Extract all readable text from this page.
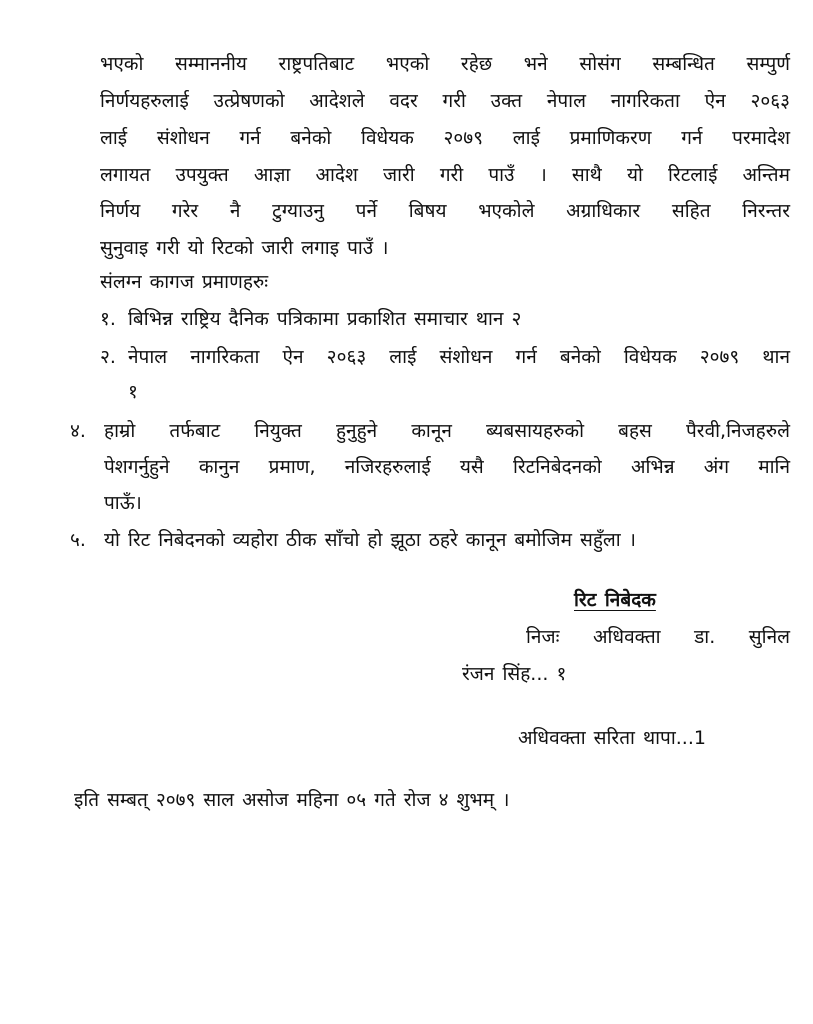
भएको सम्माननीय राष्ट्रपतिबाट भएको रहेछ भने सोसंग सम्बन्धित सम्पुर्ण
निर्णयहरुलाई उत्प्रेषणको आदेशले वदर गरी उक्त नेपाल नागरिकता ऐन २०६३
लाई संशोधन गर्न बनेको विधेयक २०७९ लाई प्रमाणिकरण गर्न परमादेश
लगायत उपयुक्त आज्ञा आदेश जारी गरी पाउँ । साथै यो रिटलाई अन्तिम
निर्णय गरेर नै टुग्याउनु पर्ने बिषय भएकोले अग्राधिकार सहित निरन्तर
सुनुवाइ गरी यो रिटको जारी लगाइ पाउँ ।
संलग्न कागज प्रमाणहरुः
१. बिभिन्न राष्ट्रिय दैनिक पत्रिकामा प्रकाशित समाचार थान २
२. नेपाल नागरिकता ऐन २०६३ लाई संशोधन गर्न बनेको विधेयक २०७९ थान
१
४. हाम्रो तर्फबाट नियुक्त हुनुहुने कानून ब्यबसायहरुको बहस पैरवी,निजहरुले
पेशगर्नुहुने कानुन प्रमाण, नजिरहरुलाई यसै रिटनिबेदनको अभिन्न अंग मानि
पाऊँ।
५. यो रिट निबेदनको व्यहोरा ठीक साँचो हो झूठा ठहरे कानून बमोजिम सहुँला ।
रिट निबेदक
निजः अधिवक्ता डा. सुनिल
रंजन सिंह... १
अधिवक्ता सरिता थापा...1
इति सम्बत् २०७९ साल असोज महिना ०५ गते रोज ४ शुभम् ।
